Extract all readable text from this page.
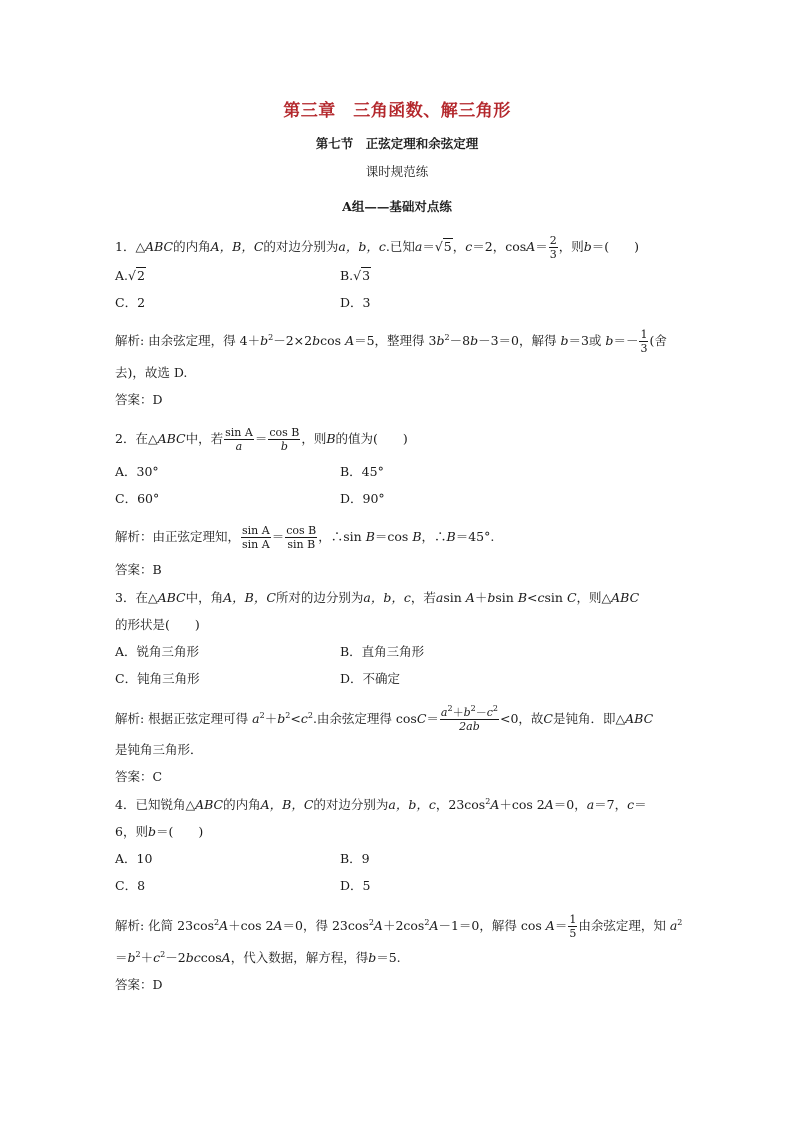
第三章　三角函数、解三角形
第七节　正弦定理和余弦定理
课时规范练
A组——基础对点练
1．△ABC的内角A，B，C的对边分别为a，b，c.已知a＝√5，c＝2，$\cos A= \frac{2}{3}$ ，则b＝(　　)
A.√2	B.√3
C．2	D．3
解析: 由余弦定理，得 $4+b^2-2\times 2bcos$ A＝5，整理得 $3b^2-8b-3=0$，解得 b＝3或 $b=- \frac{1}{3}$ (舍
去)，故选 D.
答案：D
2．在△ABC中，若 $\frac{\text{sin A}}{a} = \frac{\text{cos B}}{b}$ ，则B的值为(　　)
A．30°	B．45°
C．60°	D．90°
解析：由正弦定理知， $\frac{\text{sin A}}{\text{sin A}} = \frac{\text{cos B}}{\text{sin B}}$ ，∴sin B＝cos B，∴B＝45°.
答案：B
3．在△ABC中，角A，B，C所对的边分别为a，b，c，若asin A＋bsin B<csin C，则△ABC
的形状是(　　)
A．锐角三角形	B．直角三角形
C．钝角三角形	D．不确定
解析: 根据正弦定理可得 $a^2+b^2<c^2$.由余弦定理得 $\cos C= \frac{a^2+b^2-c^2}{2ab} <0$，故C是钝角．即△ABC
是钝角三角形．
答案：C
4．已知锐角△ABC的内角A，B，C的对边分别为a，b，c，$23\cos^2A+\cos$ 2A＝0，a＝7，c＝
6，则b＝(　　)
A．10	B．9
C．8	D．5
解析: 化简 $23\cos^2A+\cos$ 2A＝0，得 $23\cos^2A+2\cos^2A-1=0$，解得 $\cos A= \frac{1}{5}$ 由余弦定理，知 $a^2$
$=b^2+c^2-2bccosA$，代入数据，解方程，得b＝5.
答案：D
